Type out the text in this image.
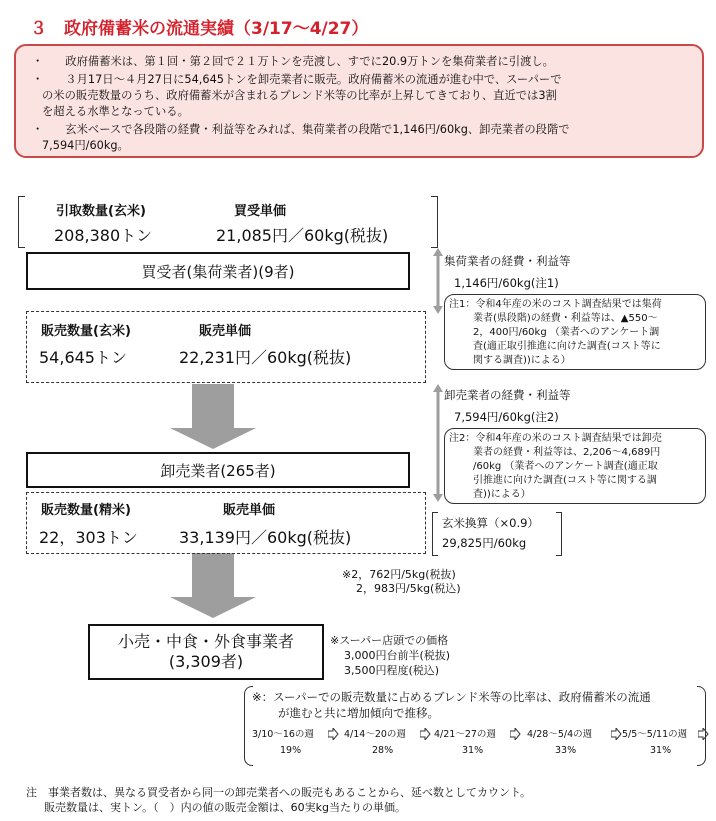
３　政府備蓄米の流通実績（3/17～4/27）
・ 　政府備蓄米は、第１回・第２回で２１万トンを売渡し、すでに20.9万トンを集荷業者に引渡し。
・ 　３月17日～４月27日に54,645トンを卸売業者に販売。政府備蓄米の流通が進む中で、スーパーで
の米の販売数量のうち、政府備蓄米が含まれるブレンド米等の比率が上昇してきており、直近では3割
を超える水準となっている。
・ 　玄米ベースで各段階の経費・利益等をみれば、集荷業者の段階で1,146円/60kg、卸売業者の段階で
7,594円/60kg。
引取数量(玄米)	買受単価
208,380トン	21,085円／60kg(税抜)
買受者(集荷業者)(9者)
販売数量(玄米)	販売単価
54,645トン	22,231円／60kg(税抜)
卸売業者(265者)
販売数量(精米)	販売単価
22，303トン	33,139円／60kg(税抜)
小売・中食・外食事業者
(3,309者)
集荷業者の経費・利益等
1,146円/60kg(注1)
注1：令和4年産の米のコスト調査結果では集荷
業者(県段階)の経費・利益等は、▲550～
2，400円/60kg （業者へのアンケート調
査(適正取引推進に向けた調査(コスト等に
関する調査))による）
卸売業者の経費・利益等
7,594円/60kg(注2)
注2：令和4年産の米のコスト調査結果では卸売
業者の経費・利益等は、2,206～4,689円
/60kg （業者へのアンケート調査(適正取
引推進に向けた調査(コスト等に関する調
査))による）
玄米換算（×0.9）
29,825円/60kg
※2，762円/5kg(税抜)
2，983円/5kg(税込)
※スーパー店頭での価格
3,000円台前半(税抜)
3,500円程度(税込)
※：スーパーでの販売数量に占めるブレンド米等の比率は、政府備蓄米の流通
が進むと共に増加傾向で推移。
3/10～16の週
19%
4/14～20の週
28%
4/21～27の週
31%
4/28～5/4の週
33%
5/5～5/11の週
31%
注　事業者数は、異なる買受者から同一の卸売業者への販売もあることから、延べ数としてカウント。
販売数量は、実トン。（　）内の値の販売金額は、60実kg当たりの単価。
